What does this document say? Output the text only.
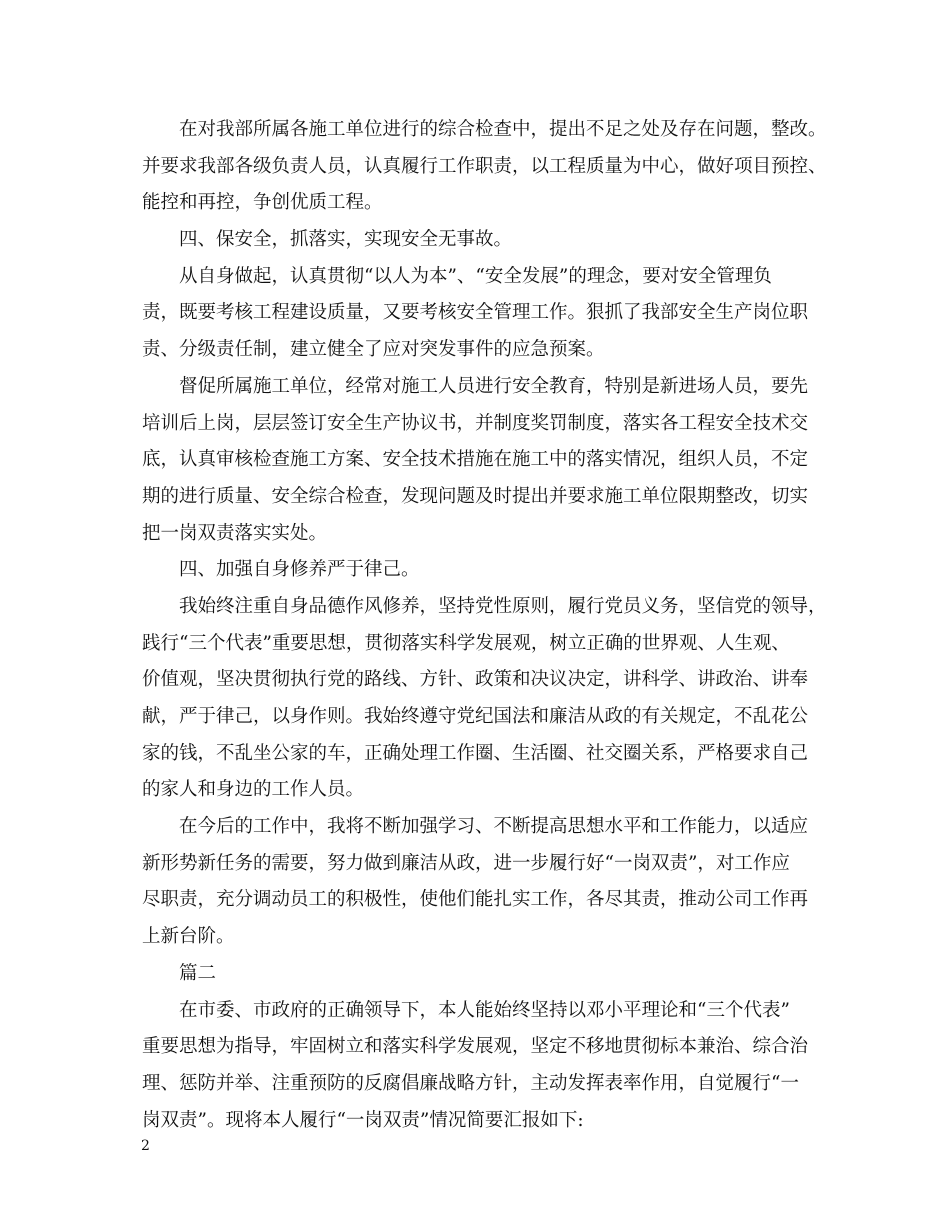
在对我部所属各施工单位进行的综合检查中，提出不足之处及存在问题，整改。
并要求我部各级负责人员，认真履行工作职责，以工程质量为中心，做好项目预控、
能控和再控，争创优质工程。
四、保安全，抓落实，实现安全无事故。
从自身做起，认真贯彻“以人为本”、“安全发展”的理念，要对安全管理负
责，既要考核工程建设质量，又要考核安全管理工作。狠抓了我部安全生产岗位职
责、分级责任制，建立健全了应对突发事件的应急预案。
督促所属施工单位，经常对施工人员进行安全教育，特别是新进场人员，要先
培训后上岗，层层签订安全生产协议书，并制度奖罚制度，落实各工程安全技术交
底，认真审核检查施工方案、安全技术措施在施工中的落实情况，组织人员，不定
期的进行质量、安全综合检查，发现问题及时提出并要求施工单位限期整改，切实
把一岗双责落实实处。
四、加强自身修养严于律己。
我始终注重自身品德作风修养，坚持党性原则，履行党员义务，坚信党的领导，
践行“三个代表”重要思想，贯彻落实科学发展观，树立正确的世界观、人生观、
价值观，坚决贯彻执行党的路线、方针、政策和决议决定，讲科学、讲政治、讲奉
献，严于律己，以身作则。我始终遵守党纪国法和廉洁从政的有关规定，不乱花公
家的钱，不乱坐公家的车，正确处理工作圈、生活圈、社交圈关系，严格要求自己
的家人和身边的工作人员。
在今后的工作中，我将不断加强学习、不断提高思想水平和工作能力，以适应
新形势新任务的需要，努力做到廉洁从政，进一步履行好“一岗双责”，对工作应
尽职责，充分调动员工的积极性，使他们能扎实工作，各尽其责，推动公司工作再
上新台阶。
篇二
在市委、市政府的正确领导下，本人能始终坚持以邓小平理论和“三个代表”
重要思想为指导，牢固树立和落实科学发展观，坚定不移地贯彻标本兼治、综合治
理、惩防并举、注重预防的反腐倡廉战略方针，主动发挥表率作用，自觉履行“一
岗双责”。现将本人履行“一岗双责”情况简要汇报如下:
2
